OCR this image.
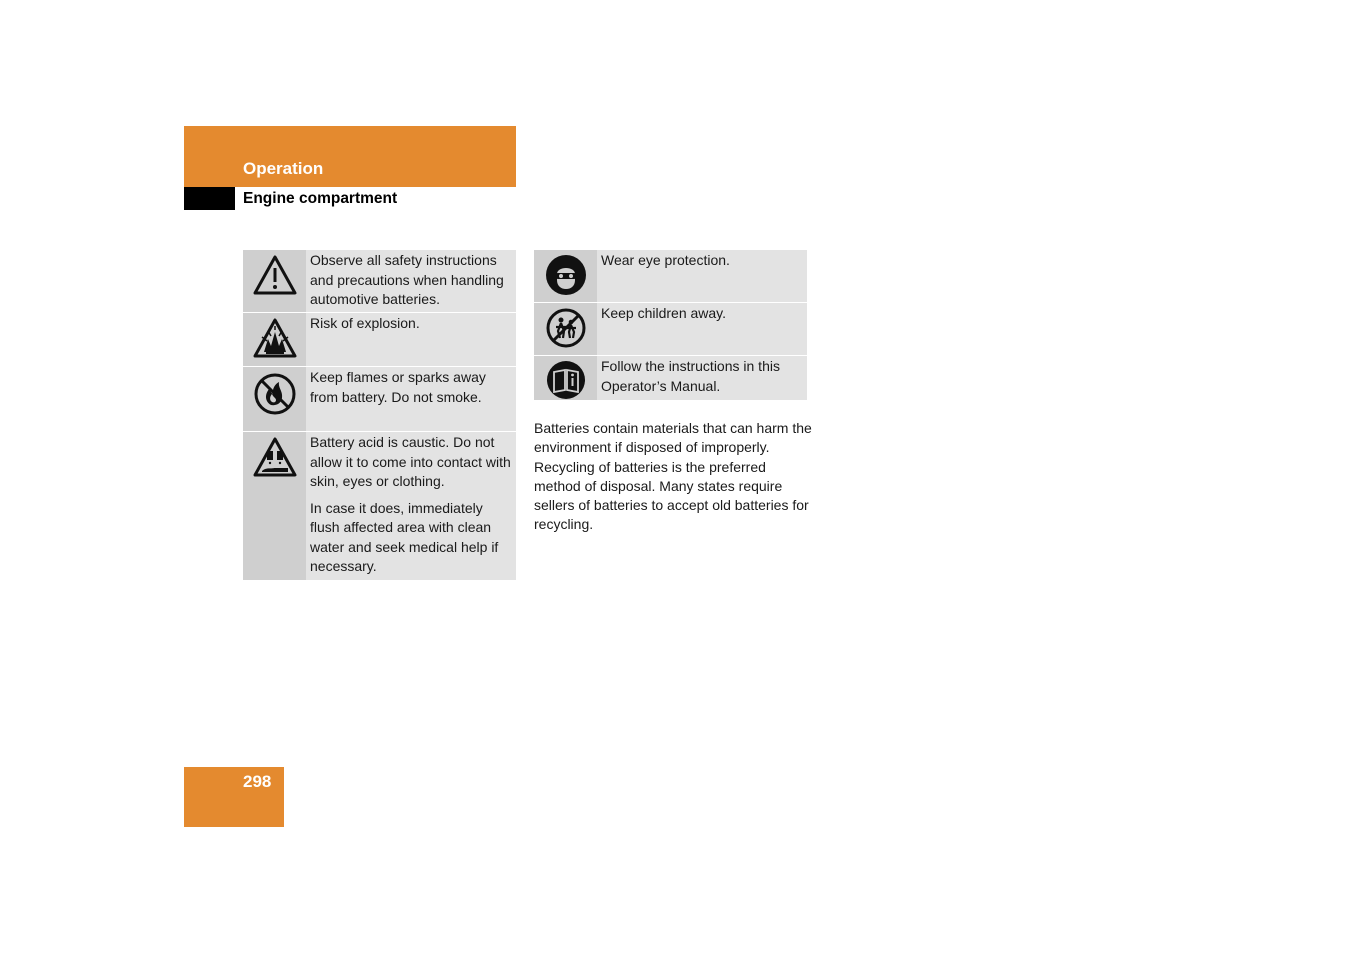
Operation
Engine compartment

Observe all safety instructions and precautions when handling automotive batteries.

Risk of explosion.

Keep flames or sparks away from battery. Do not smoke.

Battery acid is caustic. Do not allow it to come into contact with skin, eyes or clothing.

In case it does, immediately flush affected area with clean water and seek medical help if necessary.

Wear eye protection.

Keep children away.

Follow the instructions in this Operator’s Manual.

Batteries contain materials that can harm the environment if disposed of improperly. Recycling of batteries is the preferred method of disposal. Many states require sellers of batteries to accept old batteries for recycling.
298
